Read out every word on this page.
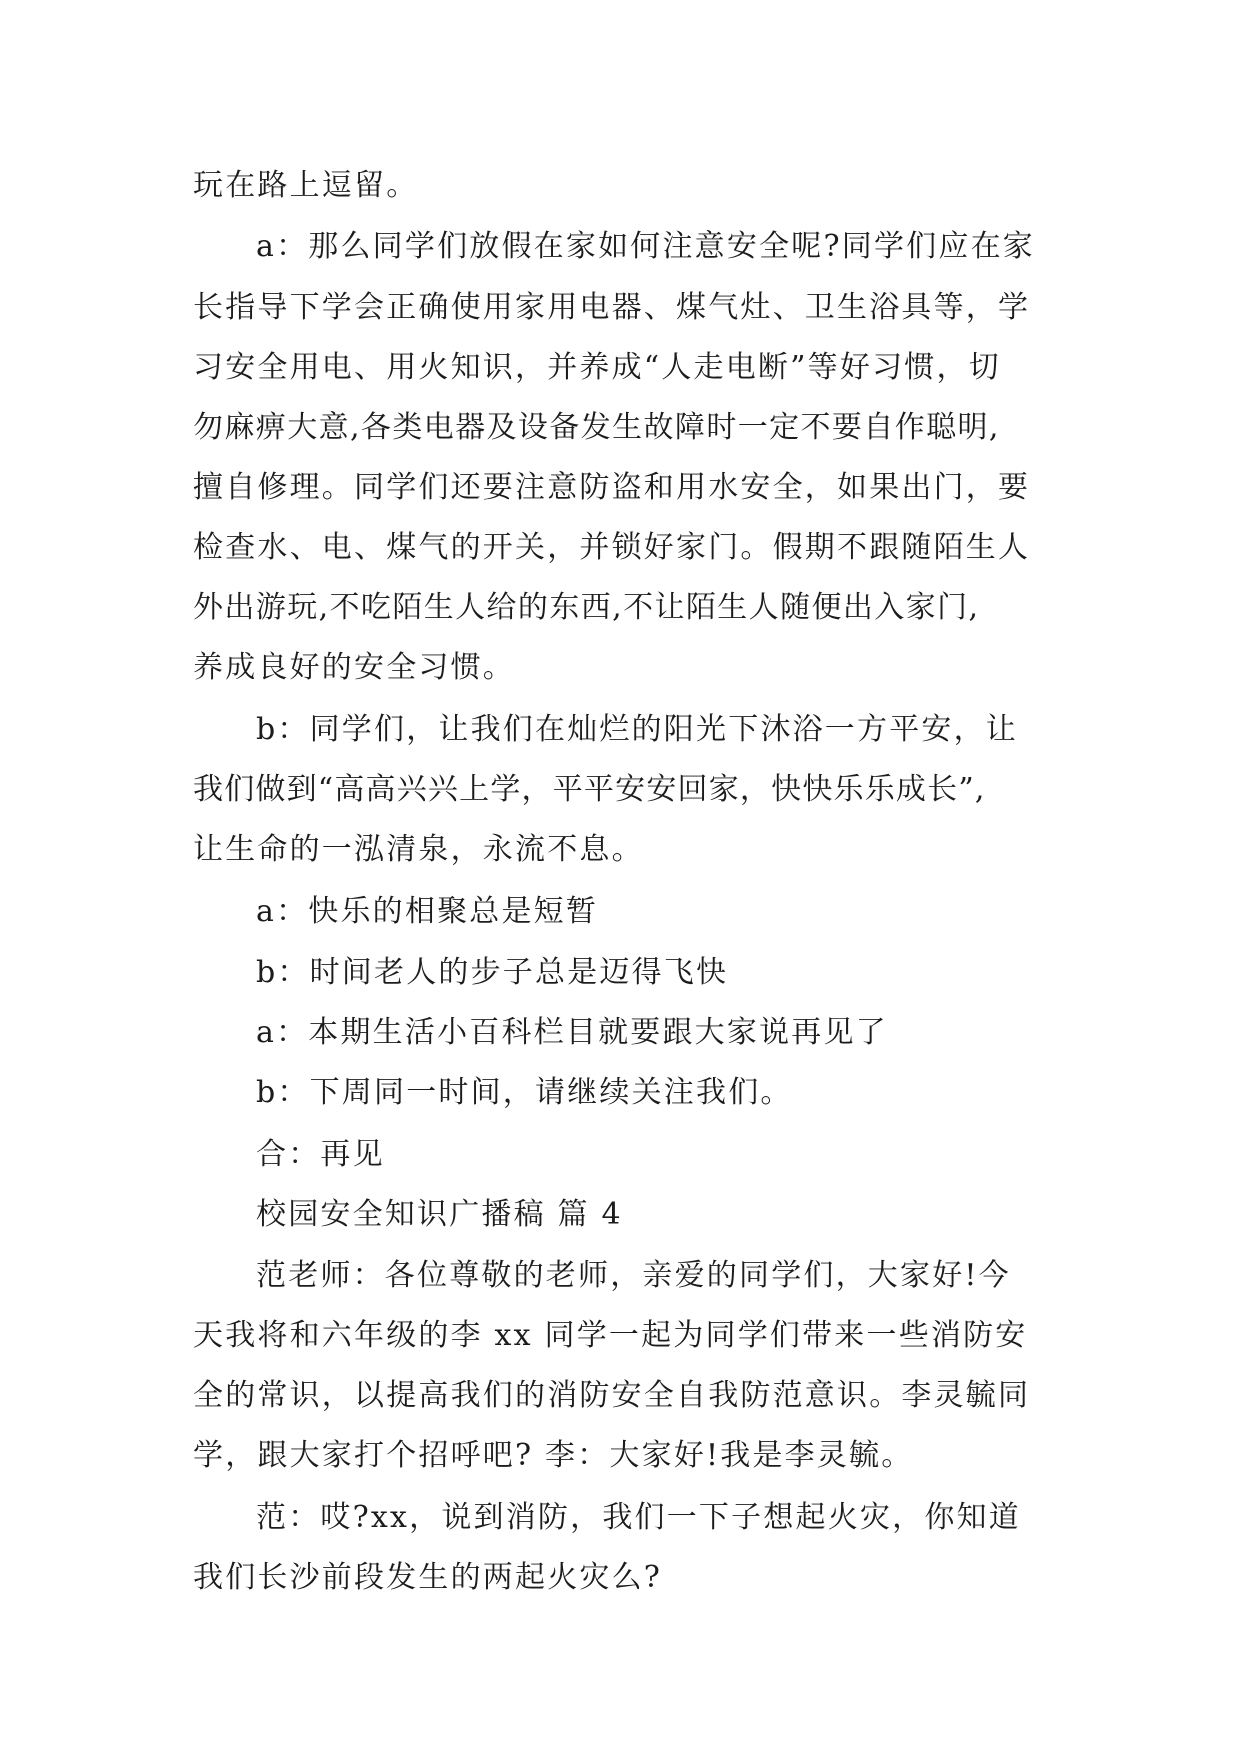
玩在路上逗留。
a：那么同学们放假在家如何注意安全呢?同学们应在家
长指导下学会正确使用家用电器、煤气灶、卫生浴具等，学
习安全用电、用火知识，并养成“人走电断”等好习惯，切
勿麻痹大意,各类电器及设备发生故障时一定不要自作聪明,
擅自修理。同学们还要注意防盗和用水安全，如果出门，要
检查水、电、煤气的开关，并锁好家门。假期不跟随陌生人
外出游玩,不吃陌生人给的东西,不让陌生人随便出入家门,
养成良好的安全习惯。
b：同学们，让我们在灿烂的阳光下沐浴一方平安，让
我们做到“高高兴兴上学，平平安安回家，快快乐乐成长”,
让生命的一泓清泉，永流不息。
a：快乐的相聚总是短暂
b：时间老人的步子总是迈得飞快
a：本期生活小百科栏目就要跟大家说再见了
b：下周同一时间，请继续关注我们。
合：再见
校园安全知识广播稿 篇 4
范老师：各位尊敬的老师，亲爱的同学们，大家好!今
天我将和六年级的李 xx 同学一起为同学们带来一些消防安
全的常识，以提高我们的消防安全自我防范意识。李灵毓同
学，跟大家打个招呼吧? 李：大家好!我是李灵毓。
范：哎?xx，说到消防，我们一下子想起火灾，你知道
我们长沙前段发生的两起火灾么?
